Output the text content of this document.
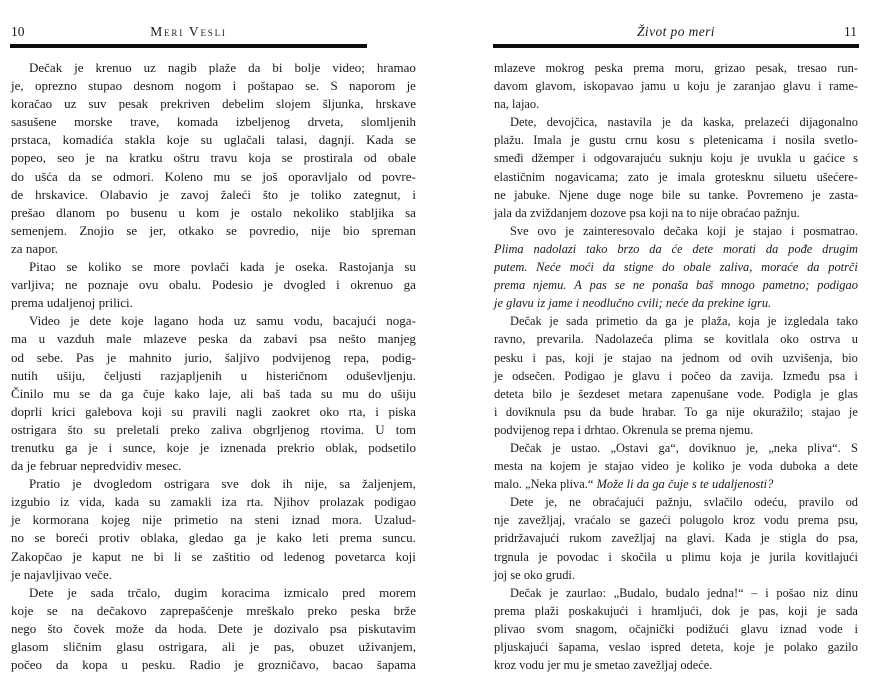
10	Meri Vesli	Život po meri	11
Dečak je krenuo uz nagib plaže da bi bolje video; hramao
je, oprezno stupao desnom nogom i poštapao se. S naporom je
koračao uz suv pesak prekriven debelim slojem šljunka, hrskave
sasušene morske trave, komada izbeljenog drveta, slomljenih
prstaca, komadića stakla koje su uglačali talasi, dagnji. Kada se
popeo, seo je na kratku oštru travu koja se prostirala od obale
do ušća da se odmori. Koleno mu se još oporavljalo od povre-
de hrskavice. Olabavio je zavoj žaleći što je toliko zategnut, i
prešao dlanom po busenu u kom je ostalo nekoliko stabljika sa
semenjem. Znojio se jer, otkako se povredio, nije bio spreman
za napor.
Pitao se koliko se more povlači kada je oseka. Rastojanja su
varljiva; ne poznaje ovu obalu. Podesio je dvogled i okrenuo ga
prema udaljenoj prilici.
Video je dete koje lagano hoda uz samu vodu, bacajući noga-
ma u vazduh male mlazeve peska da zabavi psa nešto manjeg
od sebe. Pas je mahnito jurio, šaljivo podvijenog repa, podig-
nutih ušiju, čeljusti razjapljenih u histeričnom oduševljenju.
Činilo mu se da ga čuje kako laje, ali baš tada su mu do ušiju
doprli krici galebova koji su pravili nagli zaokret oko rta, i piska
ostrigara što su preletali preko zaliva obgrljenog rtovima. U tom
trenutku ga je i sunce, koje je iznenada prekrio oblak, podsetilo
da je februar nepredvidiv mesec.
Pratio je dvogledom ostrigara sve dok ih nije, sa žaljenjem,
izgubio iz vida, kada su zamakli iza rta. Njihov prolazak podigao
je kormorana kojeg nije primetio na steni iznad mora. Uzalud-
no se boreći protiv oblaka, gledao ga je kako leti prema suncu.
Zakopčao je kaput ne bi li se zaštitio od ledenog povetarca koji
je najavljivao veče.
Dete je sada trčalo, dugim koracima izmicalo pred morem
koje se na dečakovo zaprepašćenje mreškalo preko peska brže
nego što čovek može da hoda. Dete je dozivalo psa piskutavim
glasom sličnim glasu ostrigara, ali je pas, obuzet uživanjem,
počeo da kopa u pesku. Radio je grozničavo, bacao šapama
mlazeve mokrog peska prema moru, grizao pesak, tresao run-
davom glavom, iskopavao jamu u koju je zaranjao glavu i rame-
na, lajao.
Dete, devojčica, nastavila je da kaska, prelazeći dijagonalno
plažu. Imala je gustu crnu kosu s pletenicama i nosila svetlo-
smeđi džemper i odgovarajuću suknju koju je uvukla u gaćice s
elastičnim nogavicama; zato je imala grotesknu siluetu ušećere-
ne jabuke. Njene duge noge bile su tanke. Povremeno je zasta-
jala da zviždanjem dozove psa koji na to nije obraćao pažnju.
Sve ovo je zainteresovalo dečaka koji je stajao i posmatrao.
Plima nadolazi tako brzo da će dete morati da pođe drugim
putem. Neće moći da stigne do obale zaliva, moraće da potrči
prema njemu. A pas se ne ponaša baš mnogo pametno; podigao
je glavu iz jame i neodlučno cvili; neće da prekine igru.
Dečak je sada primetio da ga je plaža, koja je izgledala tako
ravno, prevarila. Nadolazeća plima se kovitlala oko ostrva u
pesku i pas, koji je stajao na jednom od ovih uzvišenja, bio
je odsečen. Podigao je glavu i počeo da zavija. Između psa i
deteta bilo je šezdeset metara zapenušane vode. Podigla je glas
i doviknula psu da bude hrabar. To ga nije okuražilo; stajao je
podvijenog repa i drhtao. Okrenula se prema njemu.
Dečak je ustao. „Ostavi ga“, doviknuo je, „neka pliva“. S
mesta na kojem je stajao video je koliko je voda duboka a dete
malo. „Neka pliva.“ Može li da ga čuje s te udaljenosti?
Dete je, ne obraćajući pažnju, svlačilo odeću, pravilo od
nje zavežljaj, vraćalo se gazeći polugolo kroz vodu prema psu,
pridržavajući rukom zavežljaj na glavi. Kada je stigla do psa,
trgnula je povodac i skočila u plimu koja je jurila kovitlajući
joj se oko grudi.
Dečak je zaurlao: „Budalo, budalo jedna!“ – i pošao niz dinu
prema plaži poskakujući i hramljući, dok je pas, koji je sada
plivao svom snagom, očajnički podižući glavu iznad vode i
pljuskajući šapama, veslao ispred deteta, koje je polako gazilo
kroz vodu jer mu je smetao zavežljaj odeće.
